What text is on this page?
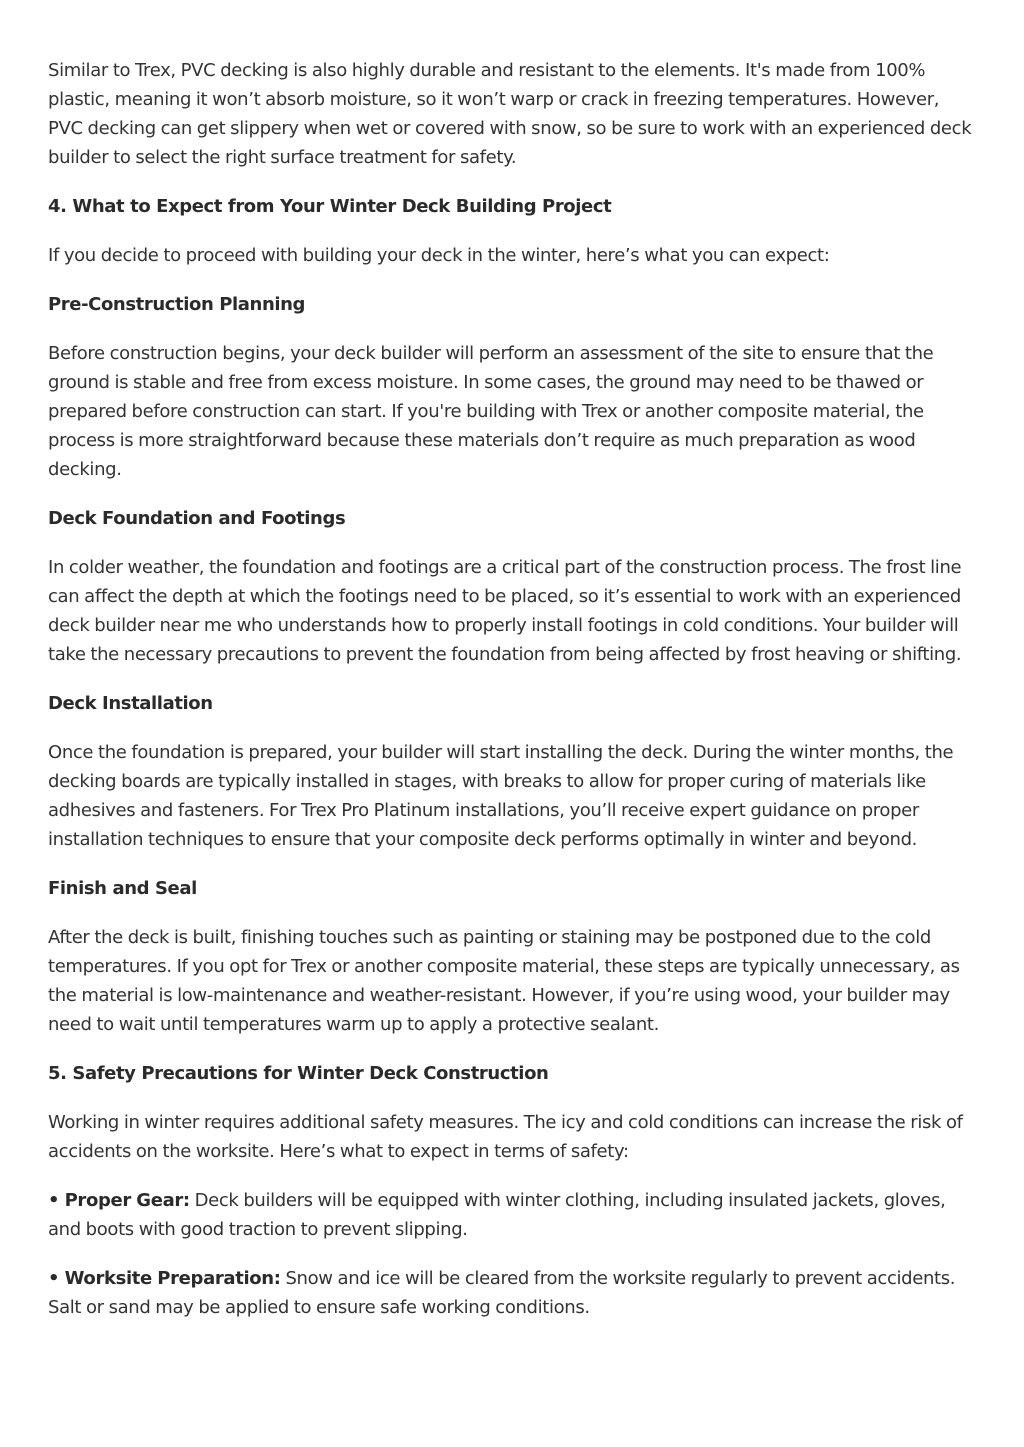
Similar to Trex, PVC decking is also highly durable and resistant to the elements. It's made from 100% plastic, meaning it won’t absorb moisture, so it won’t warp or crack in freezing temperatures. However, PVC decking can get slippery when wet or covered with snow, so be sure to work with an experienced deck builder to select the right surface treatment for safety.

4. What to Expect from Your Winter Deck Building Project

If you decide to proceed with building your deck in the winter, here’s what you can expect:

Pre-Construction Planning

Before construction begins, your deck builder will perform an assessment of the site to ensure that the ground is stable and free from excess moisture. In some cases, the ground may need to be thawed or prepared before construction can start. If you're building with Trex or another composite material, the process is more straightforward because these materials don’t require as much preparation as wood decking.

Deck Foundation and Footings

In colder weather, the foundation and footings are a critical part of the construction process. The frost line can affect the depth at which the footings need to be placed, so it’s essential to work with an experienced deck builder near me who understands how to properly install footings in cold conditions. Your builder will take the necessary precautions to prevent the foundation from being affected by frost heaving or shifting.

Deck Installation

Once the foundation is prepared, your builder will start installing the deck. During the winter months, the decking boards are typically installed in stages, with breaks to allow for proper curing of materials like adhesives and fasteners. For Trex Pro Platinum installations, you’ll receive expert guidance on proper installation techniques to ensure that your composite deck performs optimally in winter and beyond.

Finish and Seal

After the deck is built, finishing touches such as painting or staining may be postponed due to the cold temperatures. If you opt for Trex or another composite material, these steps are typically unnecessary, as the material is low-maintenance and weather-resistant. However, if you’re using wood, your builder may need to wait until temperatures warm up to apply a protective sealant.

5. Safety Precautions for Winter Deck Construction

Working in winter requires additional safety measures. The icy and cold conditions can increase the risk of accidents on the worksite. Here’s what to expect in terms of safety:

• Proper Gear: Deck builders will be equipped with winter clothing, including insulated jackets, gloves, and boots with good traction to prevent slipping.

• Worksite Preparation: Snow and ice will be cleared from the worksite regularly to prevent accidents. Salt or sand may be applied to ensure safe working conditions.
